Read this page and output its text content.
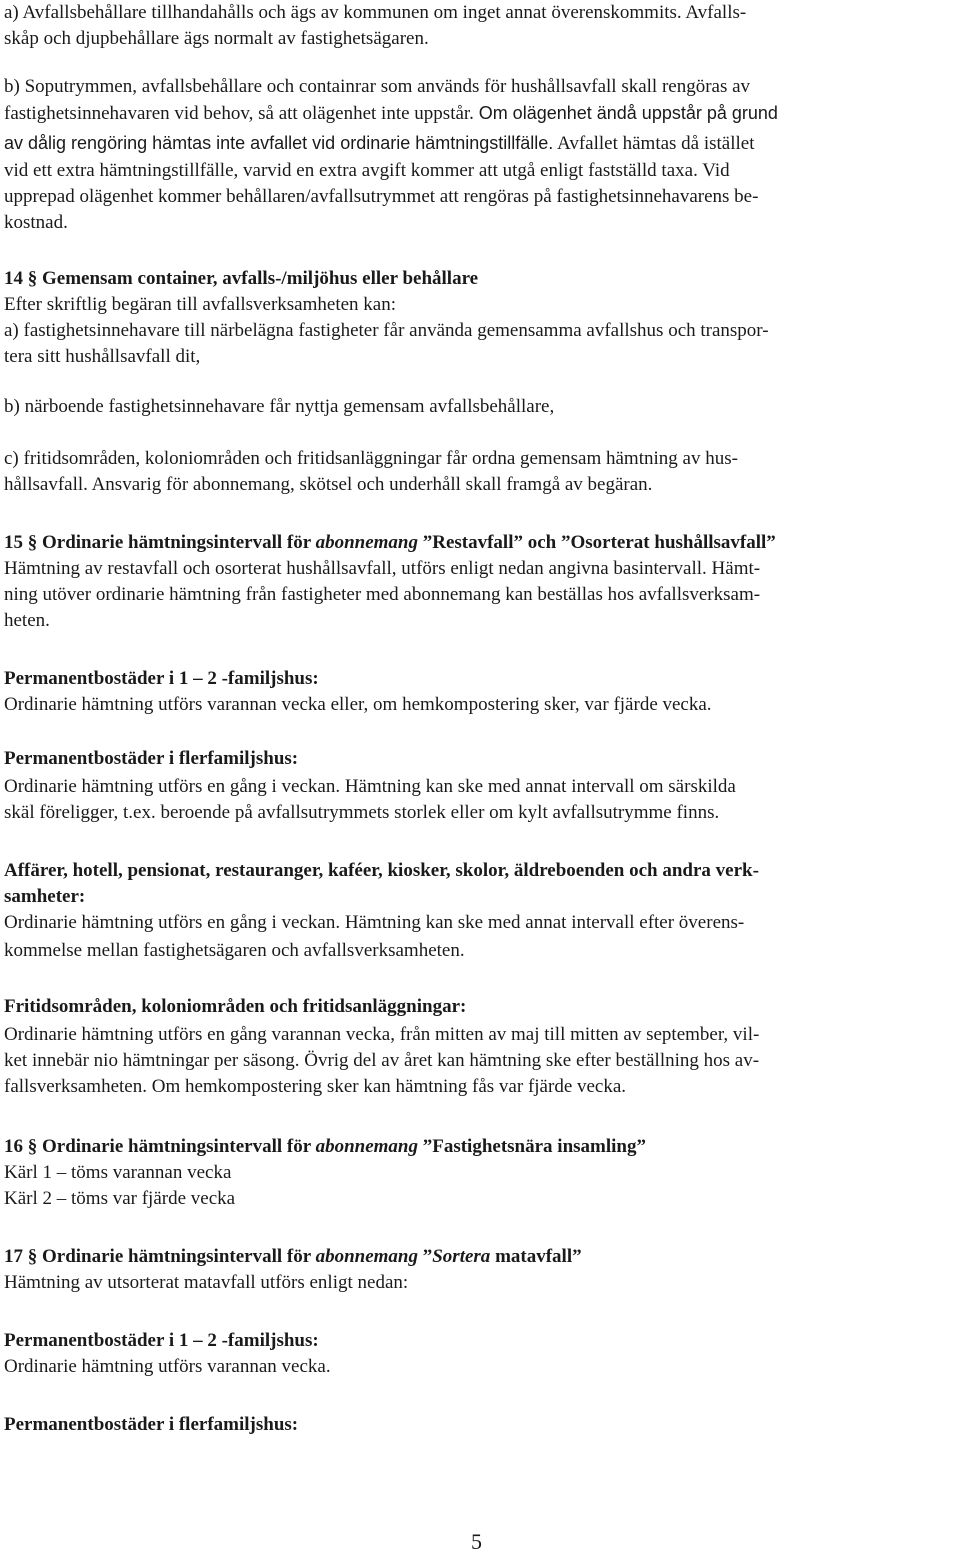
a) Avfallsbehållare tillhandahålls och ägs av kommunen om inget annat överenskommits. Avfalls-
skåp och djupbehållare ägs normalt av fastighetsägaren.
b) Soputrymmen, avfallsbehållare och containrar som används för hushållsavfall skall rengöras av
fastighetsinnehavaren vid behov, så att olägenhet inte uppstår. Om olägenhet ändå uppstår på grund
av dålig rengöring hämtas inte avfallet vid ordinarie hämtningstillfälle. Avfallet hämtas då istället
vid ett extra hämtningstillfälle, varvid en extra avgift kommer att utgå enligt fastställd taxa. Vid
upprepad olägenhet kommer behållaren/avfallsutrymmet att rengöras på fastighetsinnehavarens be-
kostnad.
14 § Gemensam container, avfalls-/miljöhus eller behållare
Efter skriftlig begäran till avfallsverksamheten kan:
a) fastighetsinnehavare till närbelägna fastigheter får använda gemensamma avfallshus och transpor-
tera sitt hushållsavfall dit,
b) närboende fastighetsinnehavare får nyttja gemensam avfallsbehållare,
c) fritidsområden, koloniområden och fritidsanläggningar får ordna gemensam hämtning av hus-
hållsavfall. Ansvarig för abonnemang, skötsel och underhåll skall framgå av begäran.
15 § Ordinarie hämtningsintervall för abonnemang ”Restavfall” och ”Osorterat hushållsavfall”
Hämtning av restavfall och osorterat hushållsavfall, utförs enligt nedan angivna basintervall. Hämt-
ning utöver ordinarie hämtning från fastigheter med abonnemang kan beställas hos avfallsverksam-
heten.
Permanentbostäder i 1 – 2 -familjshus:
Ordinarie hämtning utförs varannan vecka eller, om hemkompostering sker, var fjärde vecka.
Permanentbostäder i flerfamiljshus:
Ordinarie hämtning utförs en gång i veckan. Hämtning kan ske med annat intervall om särskilda
skäl föreligger, t.ex. beroende på avfallsutrymmets storlek eller om kylt avfallsutrymme finns.
Affärer, hotell, pensionat, restauranger, kaféer, kiosker, skolor, äldreboenden och andra verk-
samheter:
Ordinarie hämtning utförs en gång i veckan. Hämtning kan ske med annat intervall efter överens-
kommelse mellan fastighetsägaren och avfallsverksamheten.
Fritidsområden, koloniområden och fritidsanläggningar:
Ordinarie hämtning utförs en gång varannan vecka, från mitten av maj till mitten av september, vil-
ket innebär nio hämtningar per säsong. Övrig del av året kan hämtning ske efter beställning hos av-
fallsverksamheten. Om hemkompostering sker kan hämtning fås var fjärde vecka.
16 § Ordinarie hämtningsintervall för abonnemang ”Fastighetsnära insamling”
Kärl 1 – töms varannan vecka
Kärl 2 – töms var fjärde vecka
17 § Ordinarie hämtningsintervall för abonnemang ”Sortera matavfall”
Hämtning av utsorterat matavfall utförs enligt nedan:
Permanentbostäder i 1 – 2 -familjshus:
Ordinarie hämtning utförs varannan vecka.
Permanentbostäder i flerfamiljshus:
5
